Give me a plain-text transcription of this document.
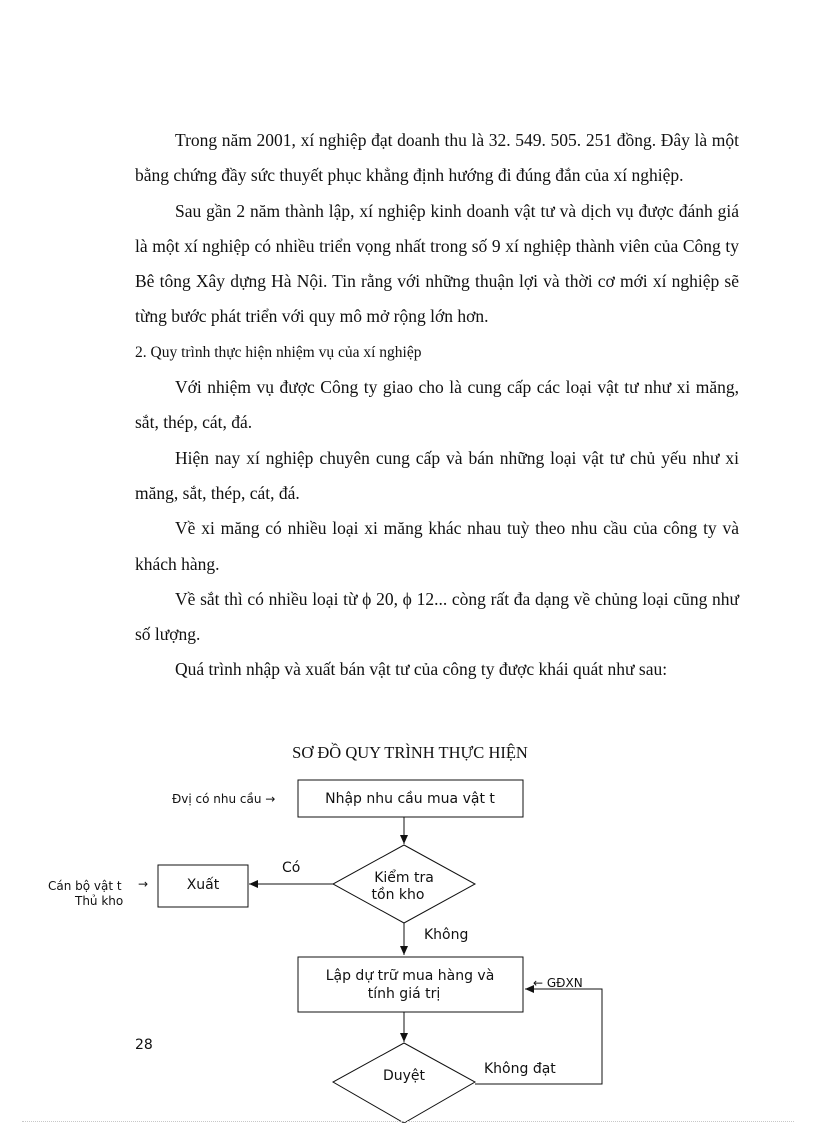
Trong năm 2001, xí nghiệp đạt doanh thu là 32. 549. 505. 251 đồng. Đây là một bằng chứng đầy sức thuyết phục khẳng định hướng đi đúng đắn của xí nghiệp.

Sau gần 2 năm thành lập, xí nghiệp kinh doanh vật tư và dịch vụ được đánh giá là một xí nghiệp có nhiều triển vọng nhất trong số 9 xí nghiệp thành viên của Công ty Bê tông Xây dựng Hà Nội. Tin rằng với những thuận lợi và thời cơ mới xí nghiệp sẽ từng bước phát triển với quy mô mở rộng lớn hơn.

2. Quy trình thực hiện nhiệm vụ của xí nghiệp

Với nhiệm vụ được Công ty giao cho là cung cấp các loại vật tư như xi măng, sắt, thép, cát, đá.

Hiện nay xí nghiệp chuyên cung cấp và bán những loại vật tư chủ yếu như xi măng, sắt, thép, cát, đá.

Về xi măng có nhiều loại xi măng khác nhau tuỳ theo nhu cầu của công ty và khách hàng.

Về sắt thì có nhiều loại từ ϕ 20, ϕ 12... còng rất đa dạng về chủng loại cũng như số lượng.

Quá trình nhập và xuất bán vật tư của công ty được khái quát như sau:

SƠ ĐỒ QUY TRÌNH THỰC HIỆN
Đvị có nhu cầu →	Nhập nhu cầu mua vật t
Kiểm tra
tồn kho
Có
Xuất
Cán bộ vật t →
Thủ kho
Không
Lập dự trữ mua hàng và
tính giá trị
← GĐXN
Duyệt	Không đạt
28
